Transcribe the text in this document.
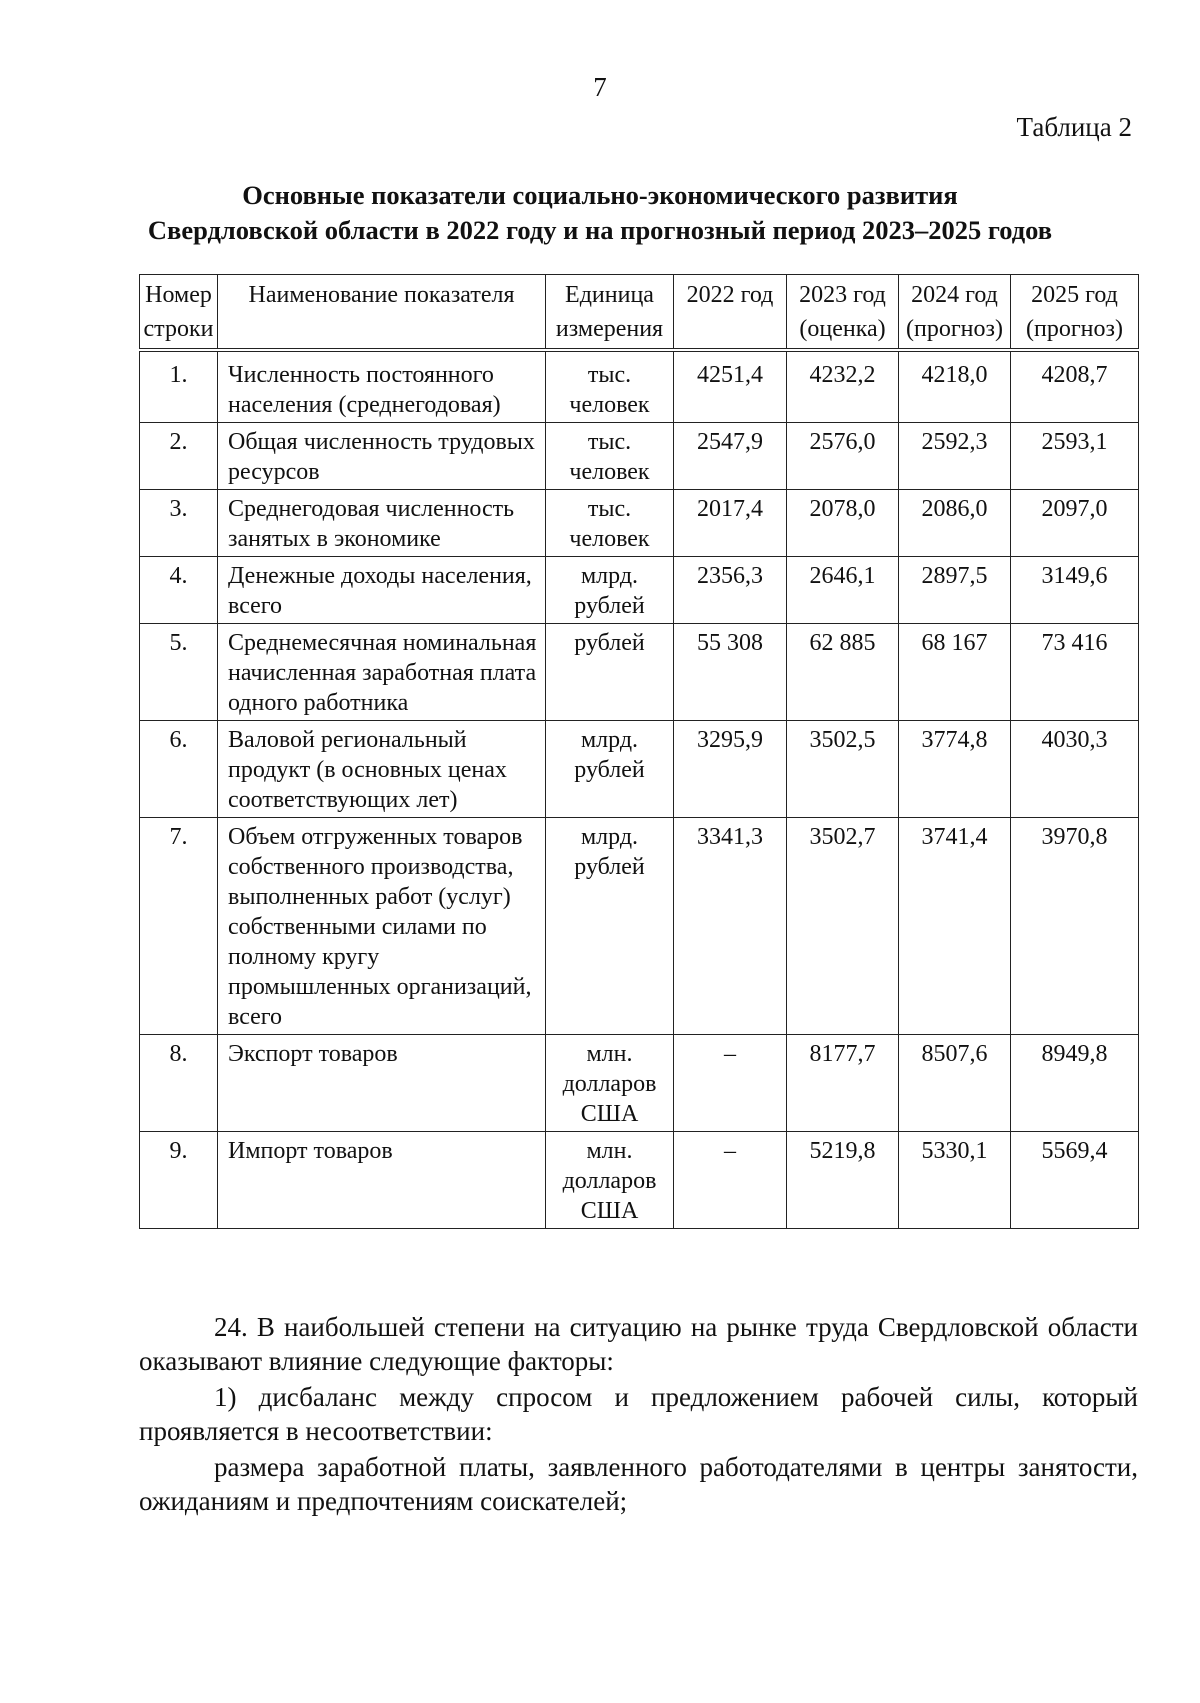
7
Таблица 2
Основные показатели социально-экономического развития
Свердловской области в 2022 году и на прогнозный период 2023–2025 годов
Номер строки	Наименование показателя	Единица измерения	2022 год	2023 год (оценка)	2024 год (прогноз)	2025 год (прогноз)
1.	Численность постоянного населения (среднегодовая)	тыс. человек	4251,4	4232,2	4218,0	4208,7
2.	Общая численность трудовых ресурсов	тыс. человек	2547,9	2576,0	2592,3	2593,1
3.	Среднегодовая численность занятых в экономике	тыс. человек	2017,4	2078,0	2086,0	2097,0
4.	Денежные доходы населения, всего	млрд. рублей	2356,3	2646,1	2897,5	3149,6
5.	Среднемесячная номинальная начисленная заработная плата одного работника	рублей	55 308	62 885	68 167	73 416
6.	Валовой региональный продукт (в основных ценах соответствующих лет)	млрд. рублей	3295,9	3502,5	3774,8	4030,3
7.	Объем отгруженных товаров собственного производства, выполненных работ (услуг) собственными силами по полному кругу промышленных организаций, всего	млрд. рублей	3341,3	3502,7	3741,4	3970,8
8.	Экспорт товаров	млн. долларов США	–	8177,7	8507,6	8949,8
9.	Импорт товаров	млн. долларов США	–	5219,8	5330,1	5569,4

24. В наибольшей степени на ситуацию на рынке труда Свердловской области оказывают влияние следующие факторы:

1) дисбаланс между спросом и предложением рабочей силы, который проявляется в несоответствии:

размера заработной платы, заявленного работодателями в центры занятости, ожиданиям и предпочтениям соискателей;
